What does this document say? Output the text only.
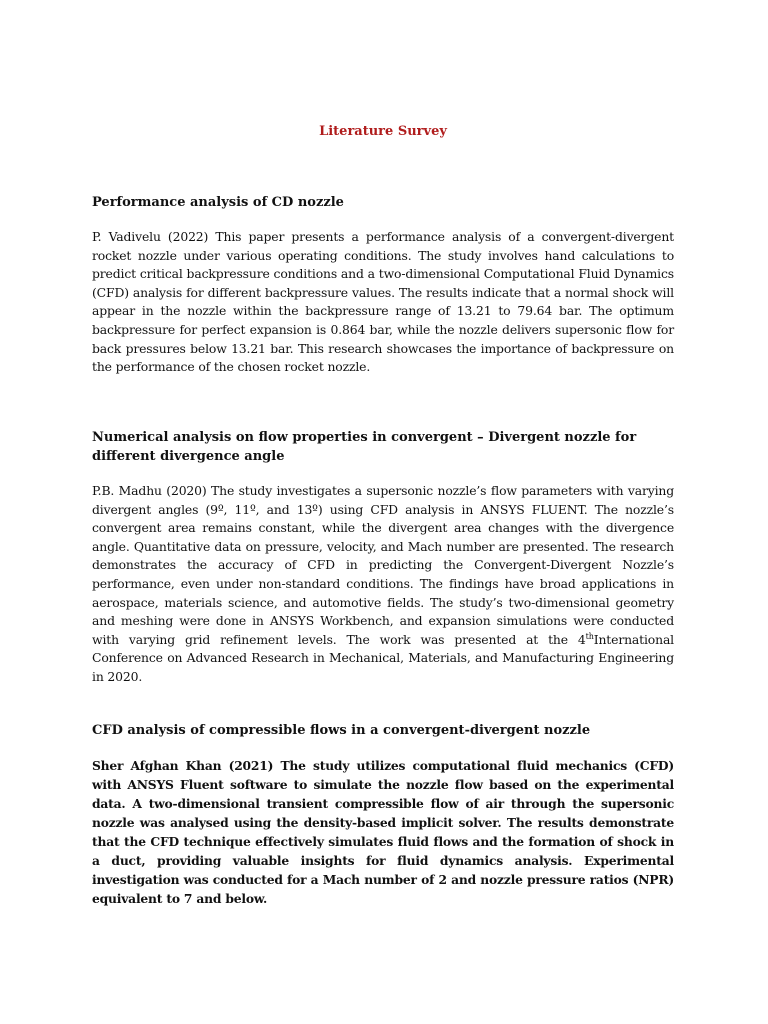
Literature Survey
Performance analysis of CD nozzle

P. Vadivelu (2022) This paper presents a performance analysis of a convergent-divergent rocket nozzle under various operating conditions. The study involves hand calculations to predict critical backpressure conditions and a two-dimensional Computational Fluid Dynamics (CFD) analysis for different backpressure values. The results indicate that a normal shock will appear in the nozzle within the backpressure range of 13.21 to 79.64 bar. The optimum backpressure for perfect expansion is 0.864 bar, while the nozzle delivers supersonic flow for back pressures below 13.21 bar. This research showcases the importance of backpressure on the performance of the chosen rocket nozzle.

Numerical analysis on flow properties in convergent – Divergent nozzle for different divergence angle

P.B. Madhu (2020) The study investigates a supersonic nozzle’s flow parameters with varying divergent angles (9º, 11º, and 13º) using CFD analysis in ANSYS FLUENT. The nozzle’s convergent area remains constant, while the divergent area changes with the divergence angle. Quantitative data on pressure, velocity, and Mach number are presented. The research demonstrates the accuracy of CFD in predicting the Convergent-Divergent Nozzle’s performance, even under non-standard conditions. The findings have broad applications in aerospace, materials science, and automotive fields. The study’s two-dimensional geometry and meshing were done in ANSYS Workbench, and expansion simulations were conducted with varying grid refinement levels. The work was presented at the 4thInternational Conference on Advanced Research in Mechanical, Materials, and Manufacturing Engineering in 2020.

CFD analysis of compressible flows in a convergent-divergent nozzle

Sher Afghan Khan (2021) The study utilizes computational fluid mechanics (CFD) with ANSYS Fluent software to simulate the nozzle flow based on the experimental data. A two-dimensional transient compressible flow of air through the supersonic nozzle was analysed using the density-based implicit solver. The results demonstrate that the CFD technique effectively simulates fluid flows and the formation of shock in a duct, providing valuable insights for fluid dynamics analysis. Experimental investigation was conducted for a Mach number of 2 and nozzle pressure ratios (NPR) equivalent to 7 and below.
